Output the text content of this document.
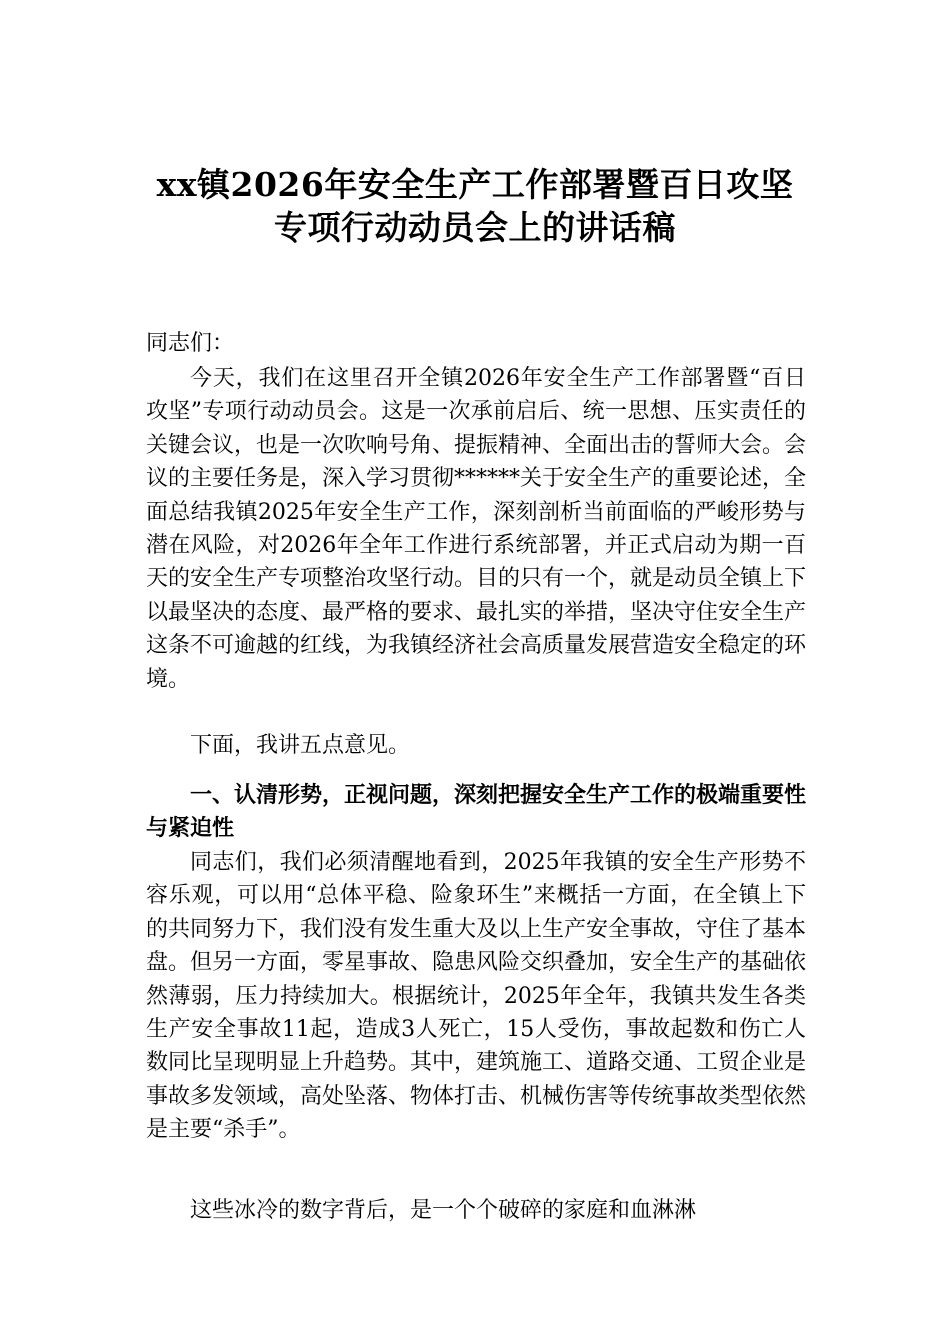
xx镇2026年安全生产工作部署暨百日攻坚
专项行动动员会上的讲话稿
同志们：
今天，我们在这里召开全镇2026年安全生产工作部署暨“百日攻坚”专项行动动员会。这是一次承前启后、统一思想、压实责任的关键会议，也是一次吹响号角、提振精神、全面出击的誓师大会。会议的主要任务是，深入学习贯彻******关于安全生产的重要论述，全面总结我镇2025年安全生产工作，深刻剖析当前面临的严峻形势与潜在风险，对2026年全年工作进行系统部署，并正式启动为期一百天的安全生产专项整治攻坚行动。目的只有一个，就是动员全镇上下以最坚决的态度、最严格的要求、最扎实的举措，坚决守住安全生产这条不可逾越的红线，为我镇经济社会高质量发展营造安全稳定的环境。
下面，我讲五点意见。
一、认清形势，正视问题，深刻把握安全生产工作的极端重要性与紧迫性
同志们，我们必须清醒地看到，2025年我镇的安全生产形势不容乐观，可以用“总体平稳、险象环生”来概括一方面，在全镇上下的共同努力下，我们没有发生重大及以上生产安全事故，守住了基本盘。但另一方面，零星事故、隐患风险交织叠加，安全生产的基础依然薄弱，压力持续加大。根据统计，2025年全年，我镇共发生各类生产安全事故11起，造成3人死亡，15人受伤，事故起数和伤亡人数同比呈现明显上升趋势。其中，建筑施工、道路交通、工贸企业是事故多发领域，高处坠落、物体打击、机械伤害等传统事故类型依然是主要“杀手”。
这些冰冷的数字背后，是一个个破碎的家庭和血淋淋
